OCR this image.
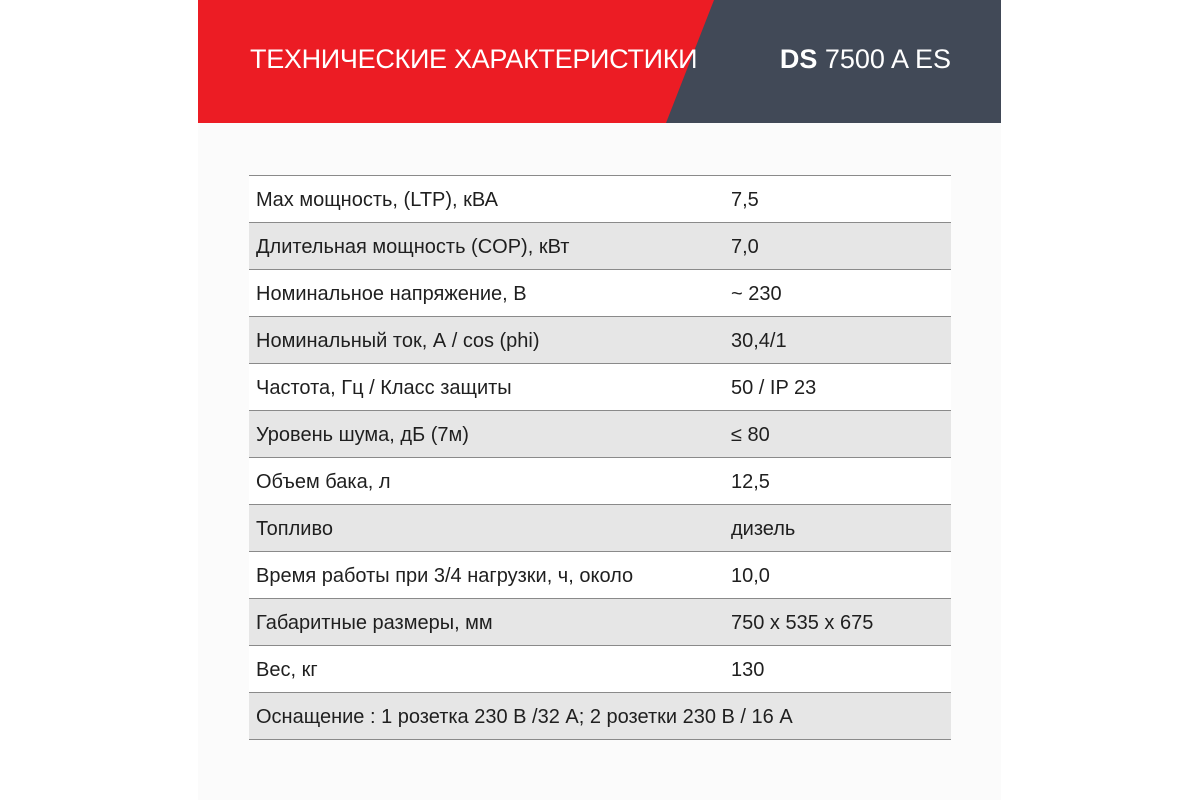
ТЕХНИЧЕСКИЕ ХАРАКТЕРИСТИКИ	DS 7500 A ES
Max мощность, (LTP), кВА	7,5
Длительная мощность (COP), кВт	7,0
Номинальное напряжение, В	~ 230
Номинальный ток, А / cos (phi)	30,4/1
Частота, Гц / Класс защиты	50 / IP 23
Уровень шума, дБ (7м)	≤ 80
Объем бака, л	12,5
Топливо	дизель
Время работы при 3/4 нагрузки, ч, около	10,0
Габаритные размеры, мм	750 x 535 x 675
Вес, кг	130
Оснащение : 1 розетка 230 В /32 А; 2 розетки 230 В / 16 А
